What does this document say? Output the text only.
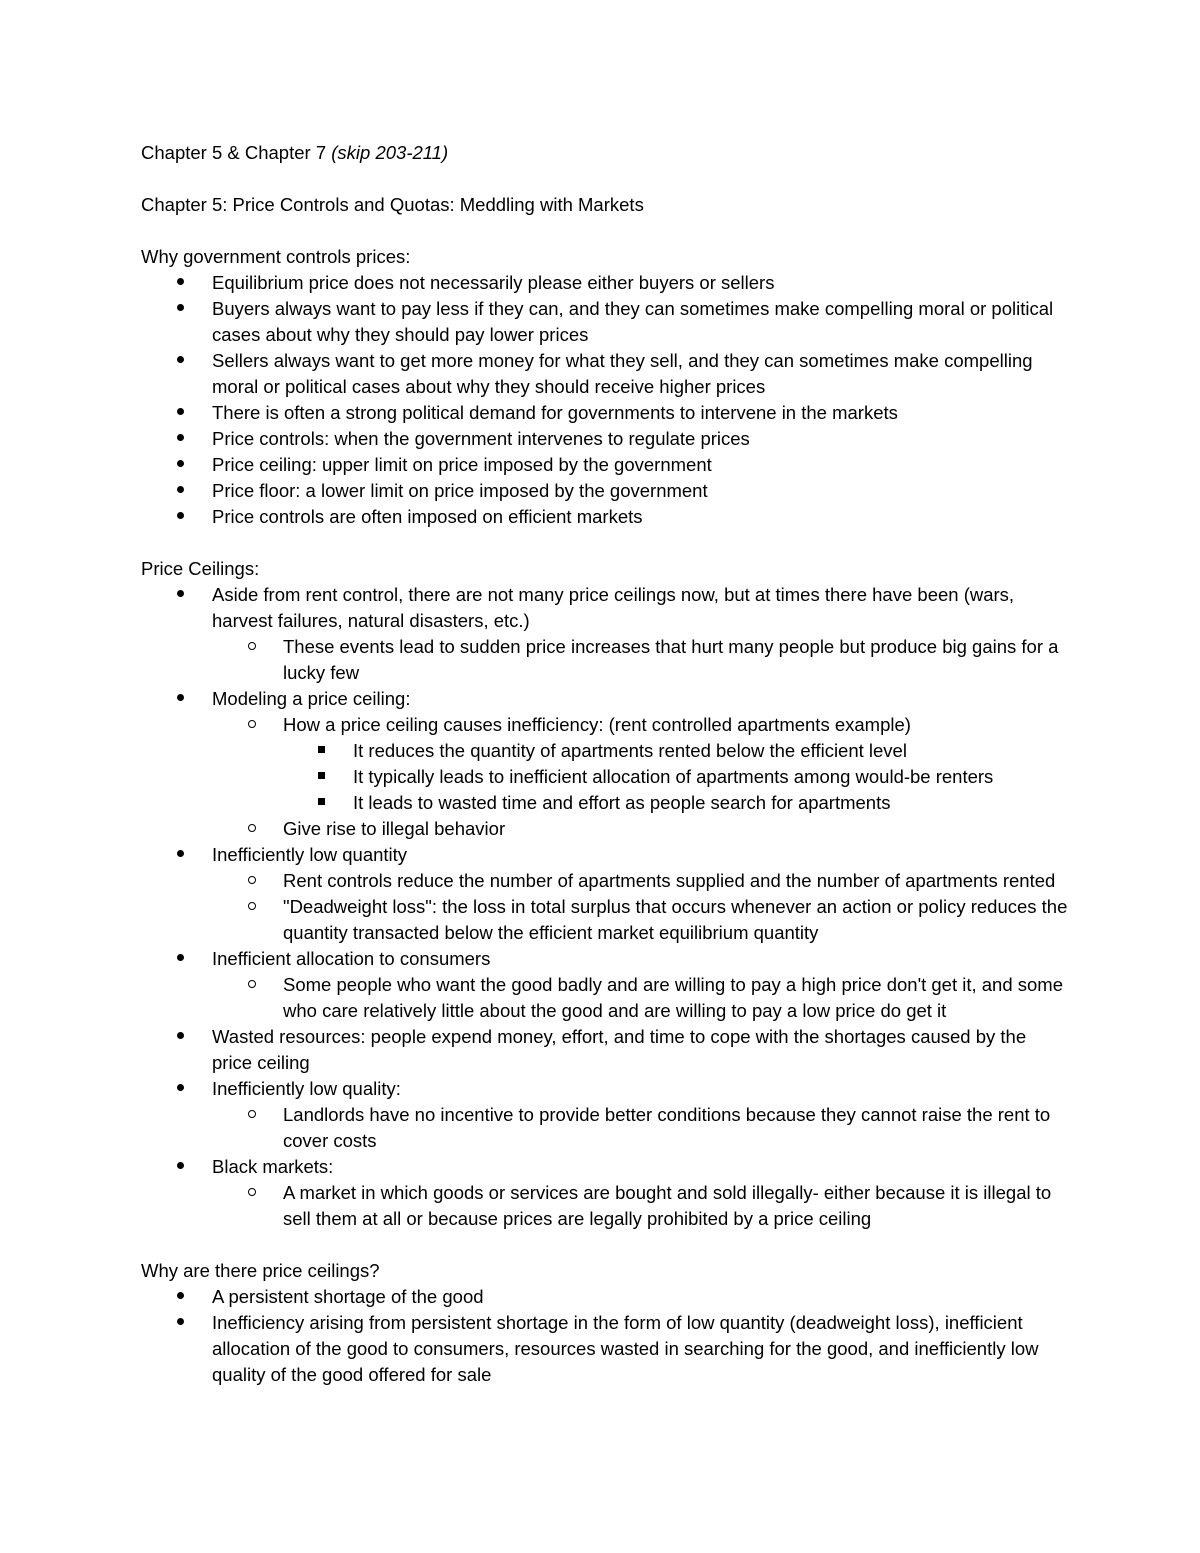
Chapter 5 & Chapter 7 (skip 203-211)

Chapter 5: Price Controls and Quotas: Meddling with Markets

Why government controls prices:

Equilibrium price does not necessarily please either buyers or sellers
Buyers always want to pay less if they can, and they can sometimes make compelling moral or political cases about why they should pay lower prices
Sellers always want to get more money for what they sell, and they can sometimes make compelling moral or political cases about why they should receive higher prices
There is often a strong political demand for governments to intervene in the markets
Price controls: when the government intervenes to regulate prices
Price ceiling: upper limit on price imposed by the government
Price floor: a lower limit on price imposed by the government
Price controls are often imposed on efficient markets

Price Ceilings:

Aside from rent control, there are not many price ceilings now, but at times there have been (wars, harvest failures, natural disasters, etc.)
These events lead to sudden price increases that hurt many people but produce big gains for a lucky few
Modeling a price ceiling:
How a price ceiling causes inefficiency: (rent controlled apartments example)
It reduces the quantity of apartments rented below the efficient level
It typically leads to inefficient allocation of apartments among would-be renters
It leads to wasted time and effort as people search for apartments
Give rise to illegal behavior
Inefficiently low quantity
Rent controls reduce the number of apartments supplied and the number of apartments rented
"Deadweight loss": the loss in total surplus that occurs whenever an action or policy reduces the quantity transacted below the efficient market equilibrium quantity
Inefficient allocation to consumers
Some people who want the good badly and are willing to pay a high price don't get it, and some who care relatively little about the good and are willing to pay a low price do get it
Wasted resources: people expend money, effort, and time to cope with the shortages caused by the price ceiling
Inefficiently low quality:
Landlords have no incentive to provide better conditions because they cannot raise the rent to cover costs
Black markets:
A market in which goods or services are bought and sold illegally- either because it is illegal to sell them at all or because prices are legally prohibited by a price ceiling

Why are there price ceilings?

A persistent shortage of the good
Inefficiency arising from persistent shortage in the form of low quantity (deadweight loss), inefficient allocation of the good to consumers, resources wasted in searching for the good, and inefficiently low quality of the good offered for sale
